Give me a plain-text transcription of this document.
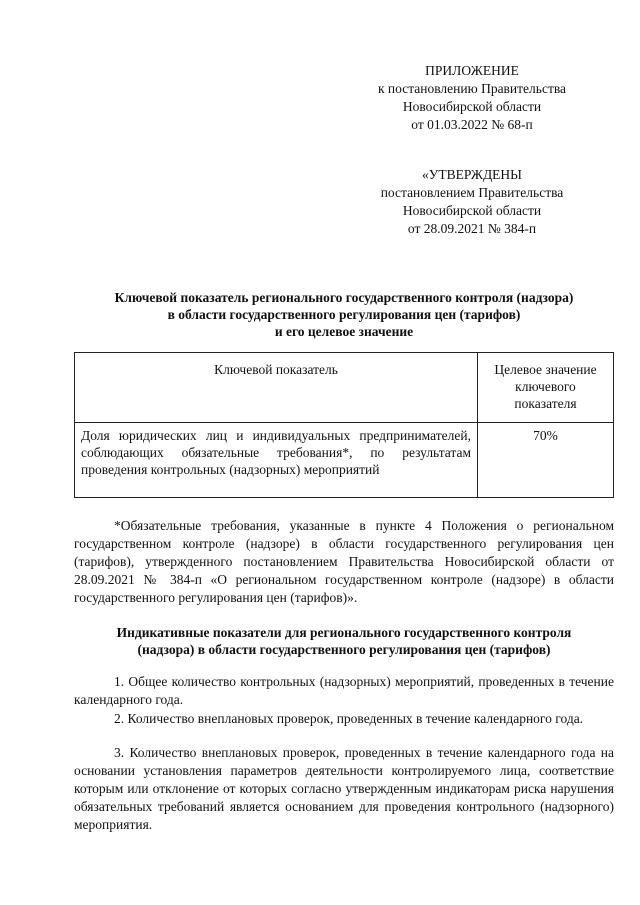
ПРИЛОЖЕНИЕ
к постановлению Правительства
Новосибирской области
от 01.03.2022 № 68-п
«УТВЕРЖДЕНЫ
постановлением Правительства
Новосибирской области
от 28.09.2021 № 384-п
Ключевой показатель регионального государственного контроля (надзора)
в области государственного регулирования цен (тарифов)
и его целевое значение
Ключевой показатель	Целевое значение ключевого показателя
Доля юридических лиц и индивидуальных предпринимателей, соблюдающих обязательные требования*, по результатам проведения контрольных (надзорных) мероприятий	70%

*Обязательные требования, указанные в пункте 4 Положения о региональном государственном контроле (надзоре) в области государственного регулирования цен (тарифов), утвержденного постановлением Правительства Новосибирской области от 28.09.2021 № 384-п «О региональном государственном контроле (надзоре) в области государственного регулирования цен (тарифов)».

Индикативные показатели для регионального государственного контроля
(надзора) в области государственного регулирования цен (тарифов)

1. Общее количество контрольных (надзорных) мероприятий, проведенных в течение календарного года.

2. Количество внеплановых проверок, проведенных в течение календарного года.

3. Количество внеплановых проверок, проведенных в течение календарного года на основании установления параметров деятельности контролируемого лица, соответствие которым или отклонение от которых согласно утвержденным индикаторам риска нарушения обязательных требований является основанием для проведения контрольного (надзорного) мероприятия.
